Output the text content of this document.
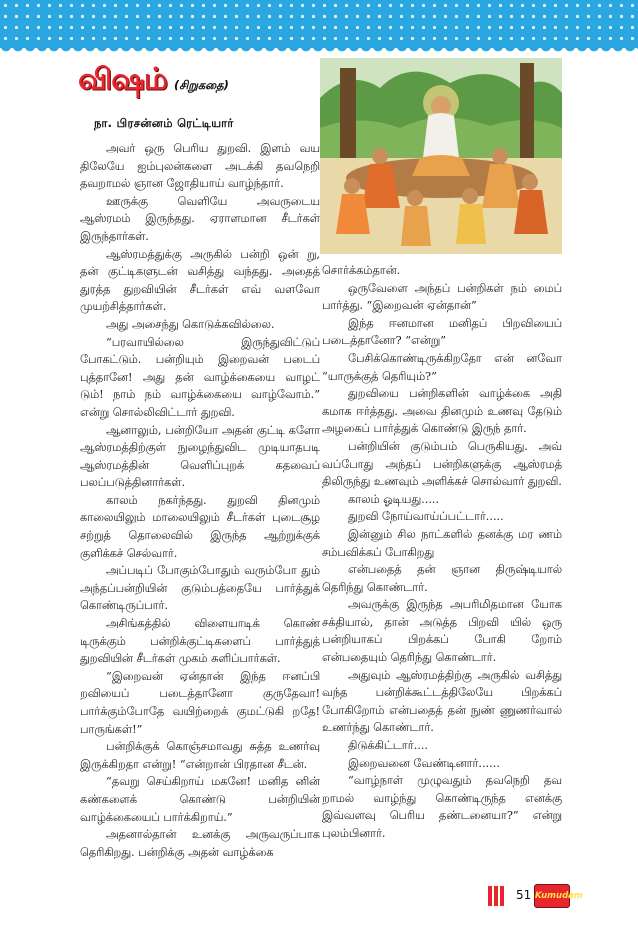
விஷம் (சிறுகதை)
நா. பிரசன்னம் ரெட்டியார்

அவர் ஒரு பெரிய துறவி. இளம் வய திலேயே ஐம்புலன்களை அடக்கி தவநெறி தவறாமல் ஞான ஜோதியாய் வாழ்ந்தார்.

ஊருக்கு வெளியே அவருடைய ஆஸ்ரமம் இருந்தது. ஏராளமான சீடர்கள் இருந்தார்கள்.

ஆஸ்ரமத்துக்கு அருகில் பன்றி ஒன் று, தன் குட்டிகளுடன் வசித்து வந்தது. அதைத் துரத்த துறவியின் சீடர்கள் எவ் வளவோ முயற்சித்தார்கள்.

அது அசைந்து கொடுக்கவில்லை.

“பரவாயில்லை இருந்துவிட்டுப் போகட்டும். பன்றியும் இறைவன் படைப் புத்தானே! அது தன் வாழ்க்கையை வாழட் டும்! நாம் நம் வாழ்க்கையை வாழ்வோம்.” என்று சொல்லிவிட்டார் துறவி.

ஆனாலும், பன்றியோ அதன் குட்டி களோ ஆஸ்ரமத்திற்குள் நுழைந்துவிட முடியாதபடி ஆஸ்ரமத்தின் வெளிப்புறக் கதவைப் பலப்படுத்தினார்கள்.

காலம் நகர்ந்தது. துறவி தினமும் காலையிலும் மாலையிலும் சீடர்கள் புடைசூழ சற்றுத் தொலைவில் இருந்த ஆற்றுக்குக் குளிக்கச் செல்வார்.

அப்படிப் போகும்போதும் வரும்போ தும் அந்தப்பன்றியின் குடும்பத்தையே பார்த்துக் கொண்டிருப்பார்.

அசிங்கத்தில் விளையாடிக் கொண் டிருக்கும் பன்றிக்குட்டிகளைப் பார்த்துத் துறவியின் சீடர்கள் முகம் சுளிப்பார்கள்.

“இறைவன் ஏன்தான் இந்த ஈனப்பி றவியைப் படைத்தானோ குருதேவா! பார்க்கும்போதே வயிற்றைக் குமட்டுகி றதே! பாருங்கள்!”

பன்றிக்குக் கொஞ்சமாவது சுத்த உணர்வு இருக்கிறதா என்று! “என்றான் பிரதான சீடன்.

“தவறு செய்கிறாய் மகனே! மனித னின் கண்களைக் கொண்டு பன்றியின் வாழ்க்கையைப் பார்க்கிறாய்.”

அதனால்தான் உனக்கு அருவருப்பாக தெரிகிறது. பன்றிக்கு அதன் வாழ்க்கை

சொர்க்கம்தான்.

ஒருவேளை அந்தப் பன்றிகள் நம் மைப் பார்த்து. “இறைவன் ஏன்தான்”

இந்த ஈனமான மனிதப் பிறவியைப் படைத்தானோ? “என்று”

பேசிக்கொண்டிருக்கிறதோ என் னவோ “யாருக்குத் தெரியும்?”

துறவியை பன்றிகளின் வாழ்க்கை அதி கமாக ஈர்த்தது. அவை தினமும் உணவு தேடும் அழகைப் பார்த்துக் கொண்டு இருந் தார்.

பன்றியின் குடும்பம் பெருகியது. அவ் வப்போது அந்தப் பன்றிகளுக்கு ஆஸ்ரமத் திலிருந்து உணவும் அளிக்கச் சொல்வார் துறவி.

காலம் ஓடியது.....

துறவி நோய்வாய்ப்பட்டார்.....

இன்னும் சில நாட்களில் தனக்கு மர ணம் சம்பவிக்கப் போகிறது

என்பதைத் தன் ஞான திருஷ்டியால் தெரிந்து கொண்டார்.

அவருக்கு இருந்த அபரிமிதமான யோக சக்தியால், தான் அடுத்த பிறவி யில் ஒரு பன்றியாகப் பிறக்கப் போகி றோம் என்பதையும் தெரிந்து கொண்டார்.

அதுவும் ஆஸ்ரமத்திற்கு அருகில் வசித்து வந்த பன்றிக்கூட்டத்திலேயே பிறக்கப் போகிறோம் என்பதைத் தன் நுண் ணுணர்வால் உணர்ந்து கொண்டார்.

திடுக்கிட்டார்....

இறைவனை வேண்டினார்......

“வாழ்நாள் முழுவதும் தவநெறி தவ றாமல் வாழ்ந்து கொண்டிருந்த எனக்கு இவ்வளவு பெரிய தண்டனையா?” என்று புலம்பினார்.

51 Kumudam
